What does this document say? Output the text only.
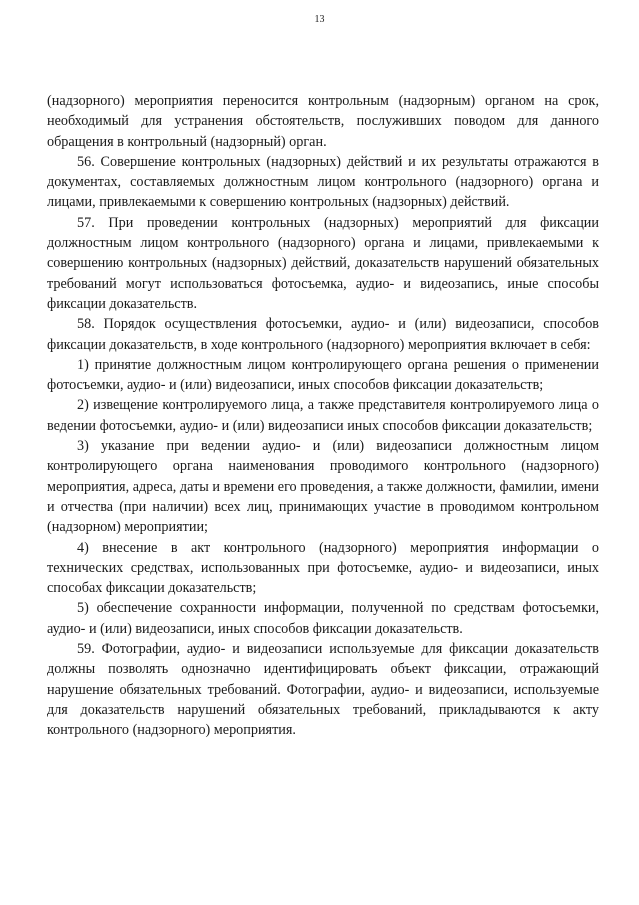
13

(надзорного) мероприятия переносится контрольным (надзорным) органом на срок, необходимый для устранения обстоятельств, послуживших поводом для данного обращения в контрольный (надзорный) орган.

56. Совершение контрольных (надзорных) действий и их результаты отражаются в документах, составляемых должностным лицом контрольного (надзорного) органа и лицами, привлекаемыми к совершению контрольных (надзорных) действий.

57. При проведении контрольных (надзорных) мероприятий для фиксации должностным лицом контрольного (надзорного) органа и лицами, привлекаемыми к совершению контрольных (надзорных) действий, доказательств нарушений обязательных требований могут использоваться фотосъемка, аудио- и видеозапись, иные способы фиксации доказательств.

58. Порядок осуществления фотосъемки, аудио- и (или) видеозаписи, способов фиксации доказательств, в ходе контрольного (надзорного) мероприятия включает в себя:

1) принятие должностным лицом контролирующего органа решения о применении фотосъемки, аудио- и (или) видеозаписи, иных способов фиксации доказательств;

2) извещение контролируемого лица, а также представителя контролируемого лица о ведении фотосъемки, аудио- и (или) видеозаписи иных способов фиксации доказательств;

3) указание при ведении аудио- и (или) видеозаписи должностным лицом контролирующего органа наименования проводимого контрольного (надзорного) мероприятия, адреса, даты и времени его проведения, а также должности, фамилии, имени и отчества (при наличии) всех лиц, принимающих участие в проводимом контрольном (надзорном) мероприятии;

4) внесение в акт контрольного (надзорного) мероприятия информации о технических средствах, использованных при фотосъемке, аудио- и видеозаписи, иных способах фиксации доказательств;

5) обеспечение сохранности информации, полученной по средствам фотосъемки, аудио- и (или) видеозаписи, иных способов фиксации доказательств.

59. Фотографии, аудио- и видеозаписи используемые для фиксации доказательств должны позволять однозначно идентифицировать объект фиксации, отражающий нарушение обязательных требований. Фотографии, аудио- и видеозаписи, используемые для доказательств нарушений обязательных требований, прикладываются к акту контрольного (надзорного) мероприятия.
